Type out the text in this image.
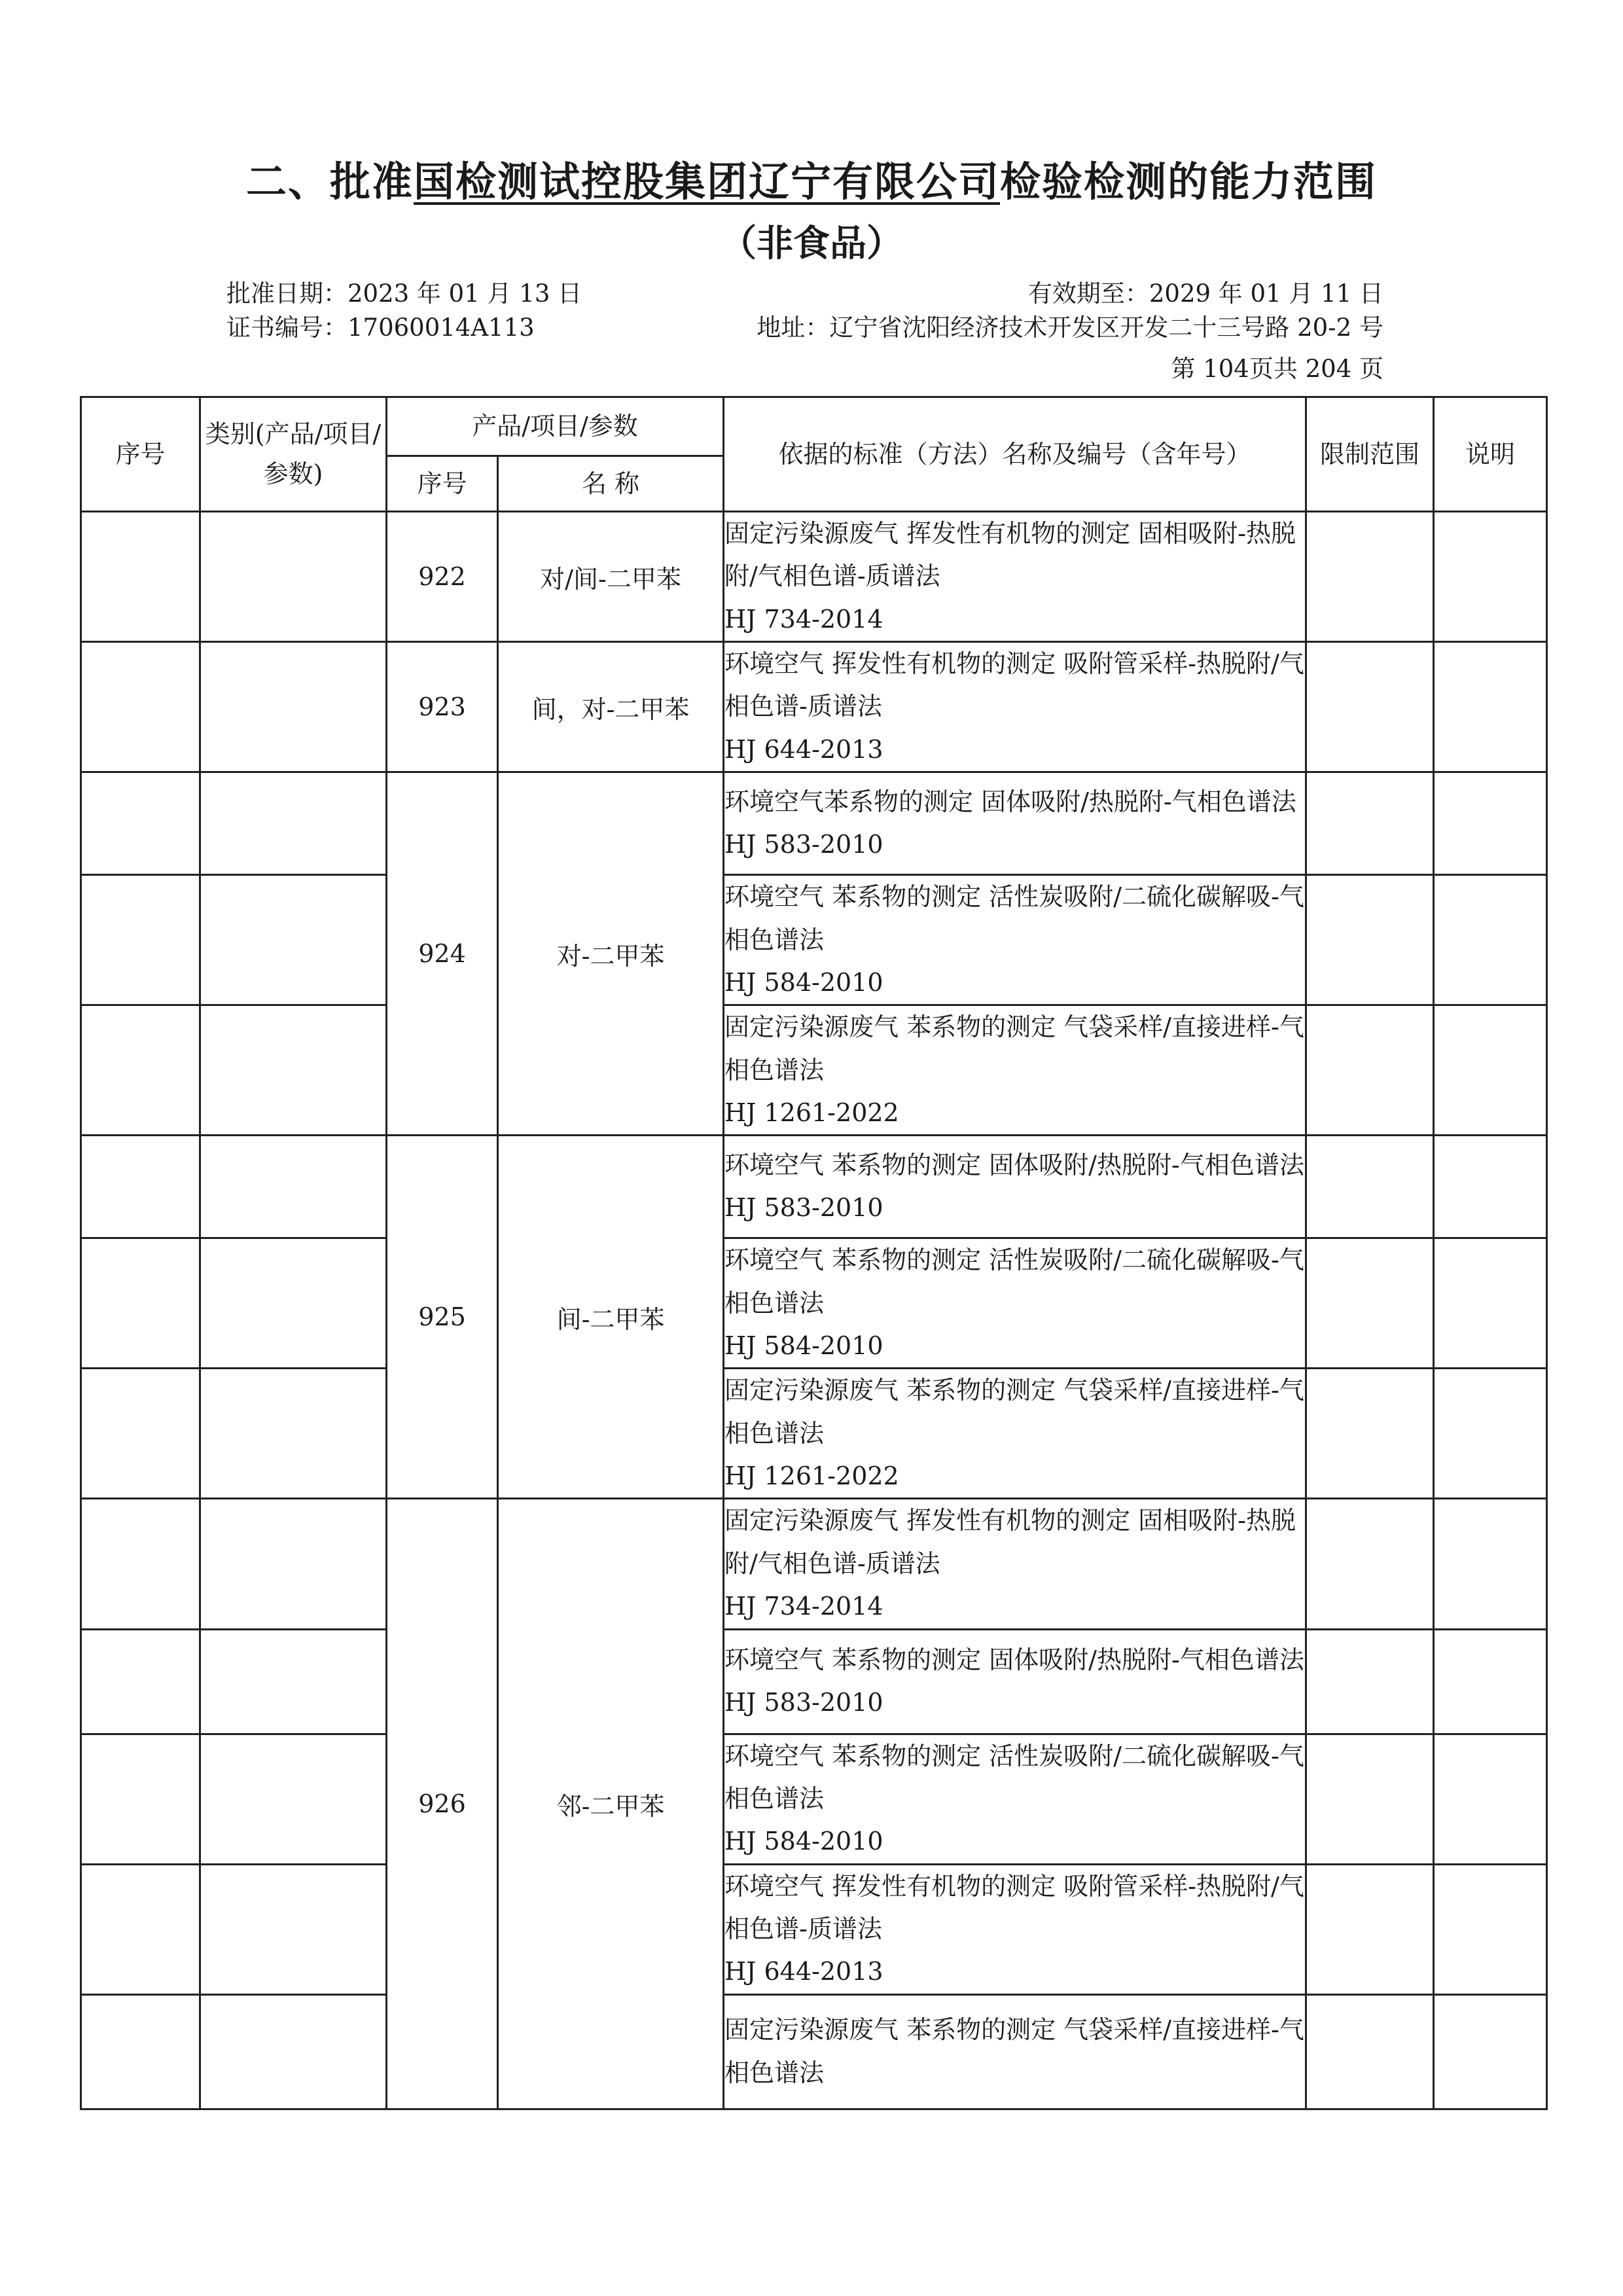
二、批准国检测试控股集团辽宁有限公司检验检测的能力范围
（非食品）
批准日期：2023 年 01 月 13 日	有效期至：2029 年 01 月 11 日
证书编号：17060014A113	地址：辽宁省沈阳经济技术开发区开发二十三号路 20-2 号
第 104页共 204 页
序号	类别(产品/项目/参数)	产品/项目/参数		依据的标准（方法）名称及编号（含年号）	限制范围	说明
		序号	名 称			
		922	对/间-二甲苯	固定污染源废气 挥发性有机物的测定 固相吸附-热脱附/气相色谱-质谱法
HJ 734-2014		

		923	间，对-二甲苯	环境空气 挥发性有机物的测定 吸附管采样-热脱附/气相色谱-质谱法
HJ 644-2013		

		924	对-二甲苯	环境空气苯系物的测定 固体吸附/热脱附-气相色谱法 HJ 583-2010		

				环境空气 苯系物的测定 活性炭吸附/二硫化碳解吸-气相色谱法
HJ 584-2010		

				固定污染源废气 苯系物的测定 气袋采样/直接进样-气相色谱法
HJ 1261-2022		

		925	间-二甲苯	环境空气 苯系物的测定 固体吸附/热脱附-气相色谱法 HJ 583-2010		

				环境空气 苯系物的测定 活性炭吸附/二硫化碳解吸-气相色谱法
HJ 584-2010		

				固定污染源废气 苯系物的测定 气袋采样/直接进样-气相色谱法
HJ 1261-2022		

		926	邻-二甲苯	固定污染源废气 挥发性有机物的测定 固相吸附-热脱附/气相色谱-质谱法
HJ 734-2014		

				环境空气 苯系物的测定 固体吸附/热脱附-气相色谱法 HJ 583-2010		

				环境空气 苯系物的测定 活性炭吸附/二硫化碳解吸-气相色谱法
HJ 584-2010		

				环境空气 挥发性有机物的测定 吸附管采样-热脱附/气相色谱-质谱法
HJ 644-2013		

				固定污染源废气 苯系物的测定 气袋采样/直接进样-气相色谱法		
